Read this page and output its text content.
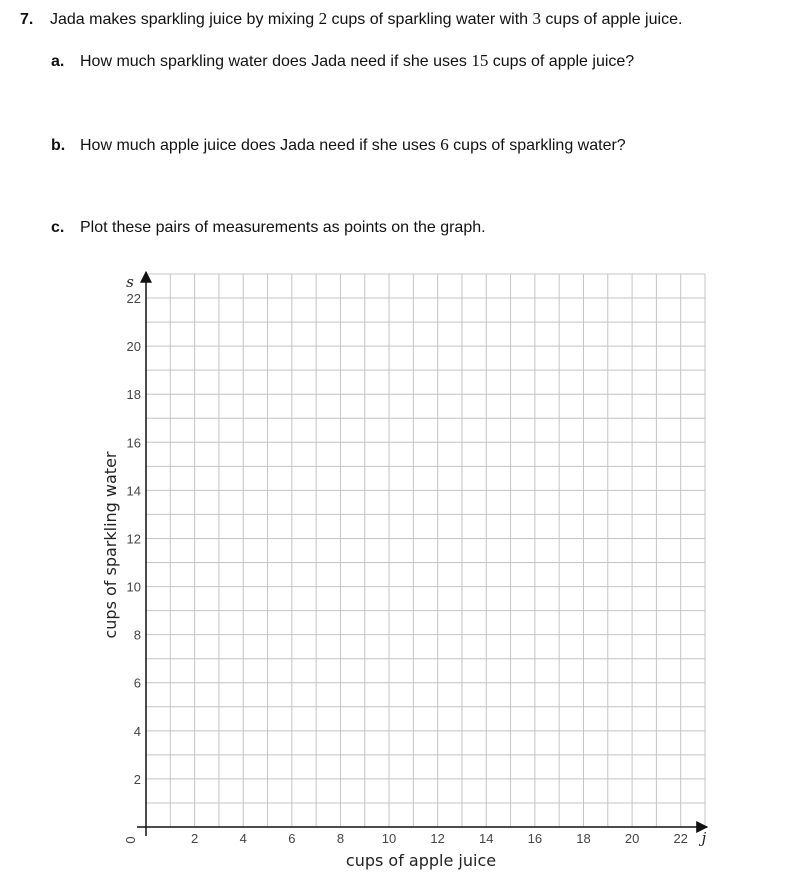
7. Jada makes sparkling juice by mixing 2 cups of sparkling water with 3 cups of apple juice.
a. How much sparkling water does Jada need if she uses 15 cups of apple juice?
b. How much apple juice does Jada need if she uses 6 cups of sparkling water?
c. Plot these pairs of measurements as points on the graph.
2	4	6	8	10	12	14	16	18	20	22
2
4
6
8
10
12
14
16
18
20
22
cups of apple juice
cups of sparkling water
j
s
0
